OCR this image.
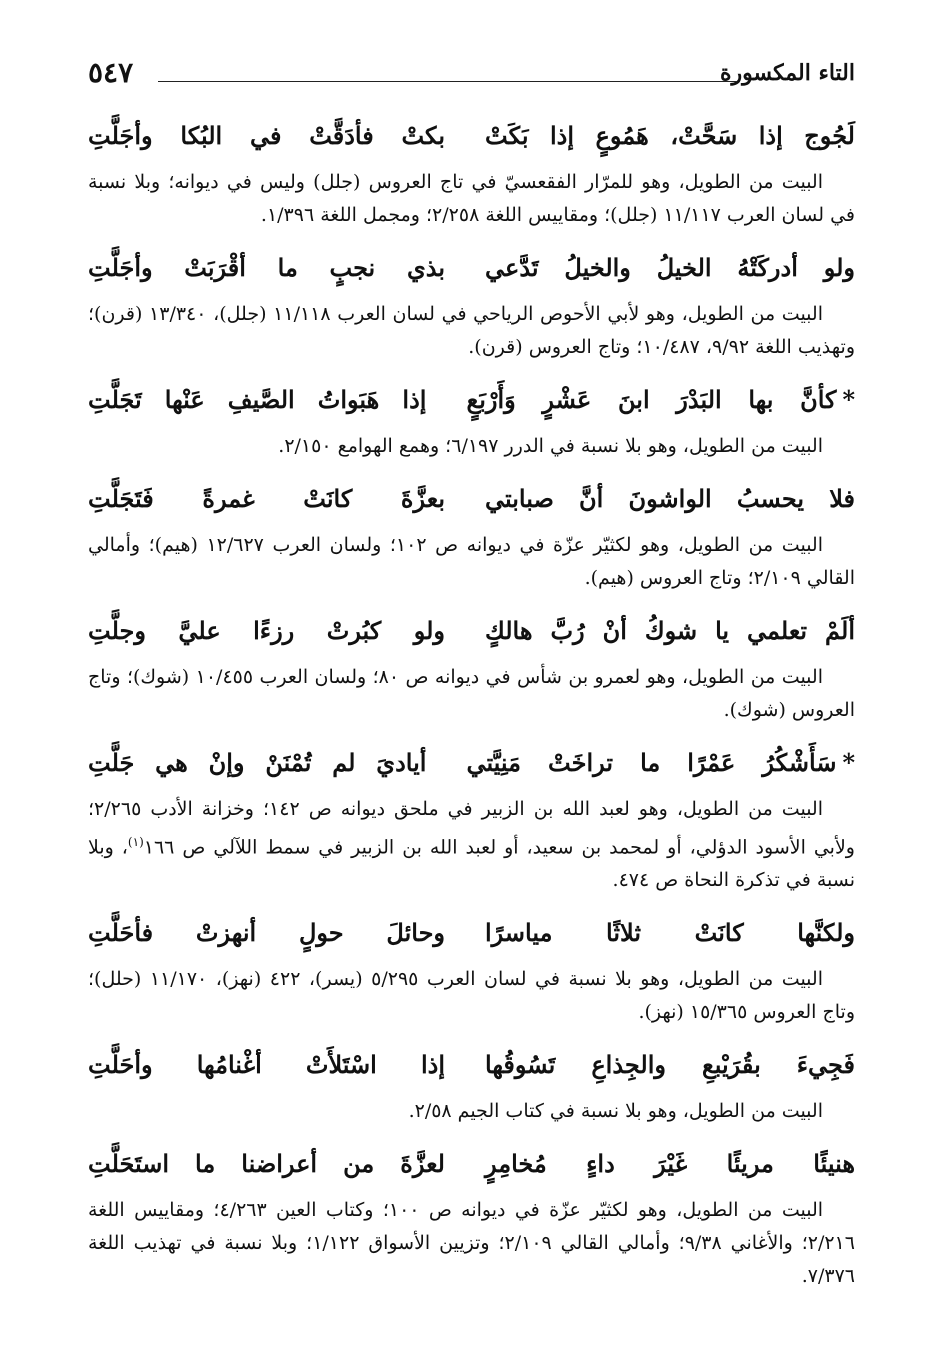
التاء المكسورة
٥٤٧
لَجُوج إذا سَحَّتْ، هَمُوعٍ إذا بَكَتْ
بكتْ فأدَقَّتْ في البُكا وأجَلَّتِ

البيت من الطويل، وهو للمرّار الفقعسيّ في تاج العروس (جلل) وليس في ديوانه؛ وبلا نسبة في لسان العرب ١١/١١٧ (جلل)؛ ومقاييس اللغة ٢/٢٥٨؛ ومجمل اللغة ١/٣٩٦.

ولو أدركَتْهُ الخيلُ والخيلُ تَدَّعي
بذي نجبٍ ما أقْرَبَتْ وأجَلَّتِ

البيت من الطويل، وهو لأبي الأحوص الرياحي في لسان العرب ١١/١١٨ (جلل)، ١٣/٣٤٠ (قرن)؛ وتهذيب اللغة ٩/٩٢، ١٠/٤٨٧؛ وتاج العروس (قرن).

*
كأنَّ بها البَدْرَ ابنَ عَشْرٍ وَأَرْبَعٍ
إذا هَبَواتُ الصَّيفِ عَنْها تَجَلَّتِ

البيت من الطويل، وهو بلا نسبة في الدرر ٦/١٩٧؛ وهمع الهوامع ٢/١٥٠.

فلا يحسبُ الواشونَ أنَّ صبابتي
بعزَّةَ كانَتْ غمرةً فَتَجَلَّتِ

البيت من الطويل، وهو لكثيّر عزّة في ديوانه ص ١٠٢؛ ولسان العرب ١٢/٦٢٧ (هيم)؛ وأمالي القالي ٢/١٠٩؛ وتاج العروس (هيم).

ألَمْ تعلمي يا شوكُ أنْ رُبَّ هالكٍ
ولو كبُرتْ رزءًا عليَّ وجلَّتِ

البيت من الطويل، وهو لعمرو بن شأس في ديوانه ص ٨٠؛ ولسان العرب ١٠/٤٥٥ (شوك)؛ وتاج العروس (شوك).

*
سَأَشْكُرُ عَمْرًا ما تراخَتْ مَنِيَّتي
أياديَ لم تُمْنَنْ وإنْ هي جَلَّتِ

البيت من الطويل، وهو لعبد الله بن الزبير في ملحق ديوانه ص ١٤٢؛ وخزانة الأدب ٢/٢٦٥؛ ولأبي الأسود الدؤلي، أو لمحمد بن سعيد، أو لعبد الله بن الزبير في سمط اللآلي ص ١٦٦$^{(١)}$، وبلا نسبة في تذكرة النحاة ص ٤٧٤.

ولكنَّها كانَتْ ثلاثًا مياسرًا
وحائلَ حولٍ أنهزتْ فأحَلَّتِ

البيت من الطويل، وهو بلا نسبة في لسان العرب ٥/٢٩٥ (يسر)، ٤٢٢ (نهز)، ١١/١٧٠ (حلل)؛ وتاج العروس ١٥/٣٦٥ (نهز).

فَجِيءَ بقُرَيْبعِ والجِذاعِ تَسُوقُها
إذا اسْتَلأَتْ أغْنامُها وأحَلَّتِ

البيت من الطويل، وهو بلا نسبة في كتاب الجيم ٢/٥٨.

هنيئًا مريئًا غَيْرَ داءٍ مُخامِرٍ
لعزَّةَ من أعراضنا ما استَحَلَّتِ

البيت من الطويل، وهو لكثيّر عزّة في ديوانه ص ١٠٠؛ وكتاب العين ٤/٢٦٣؛ ومقاييس اللغة ٢/٢١٦؛ والأغاني ٩/٣٨؛ وأمالي القالي ٢/١٠٩؛ وتزيين الأسواق ١/١٢٢؛ وبلا نسبة في تهذيب اللغة ٧/٣٧٦.
